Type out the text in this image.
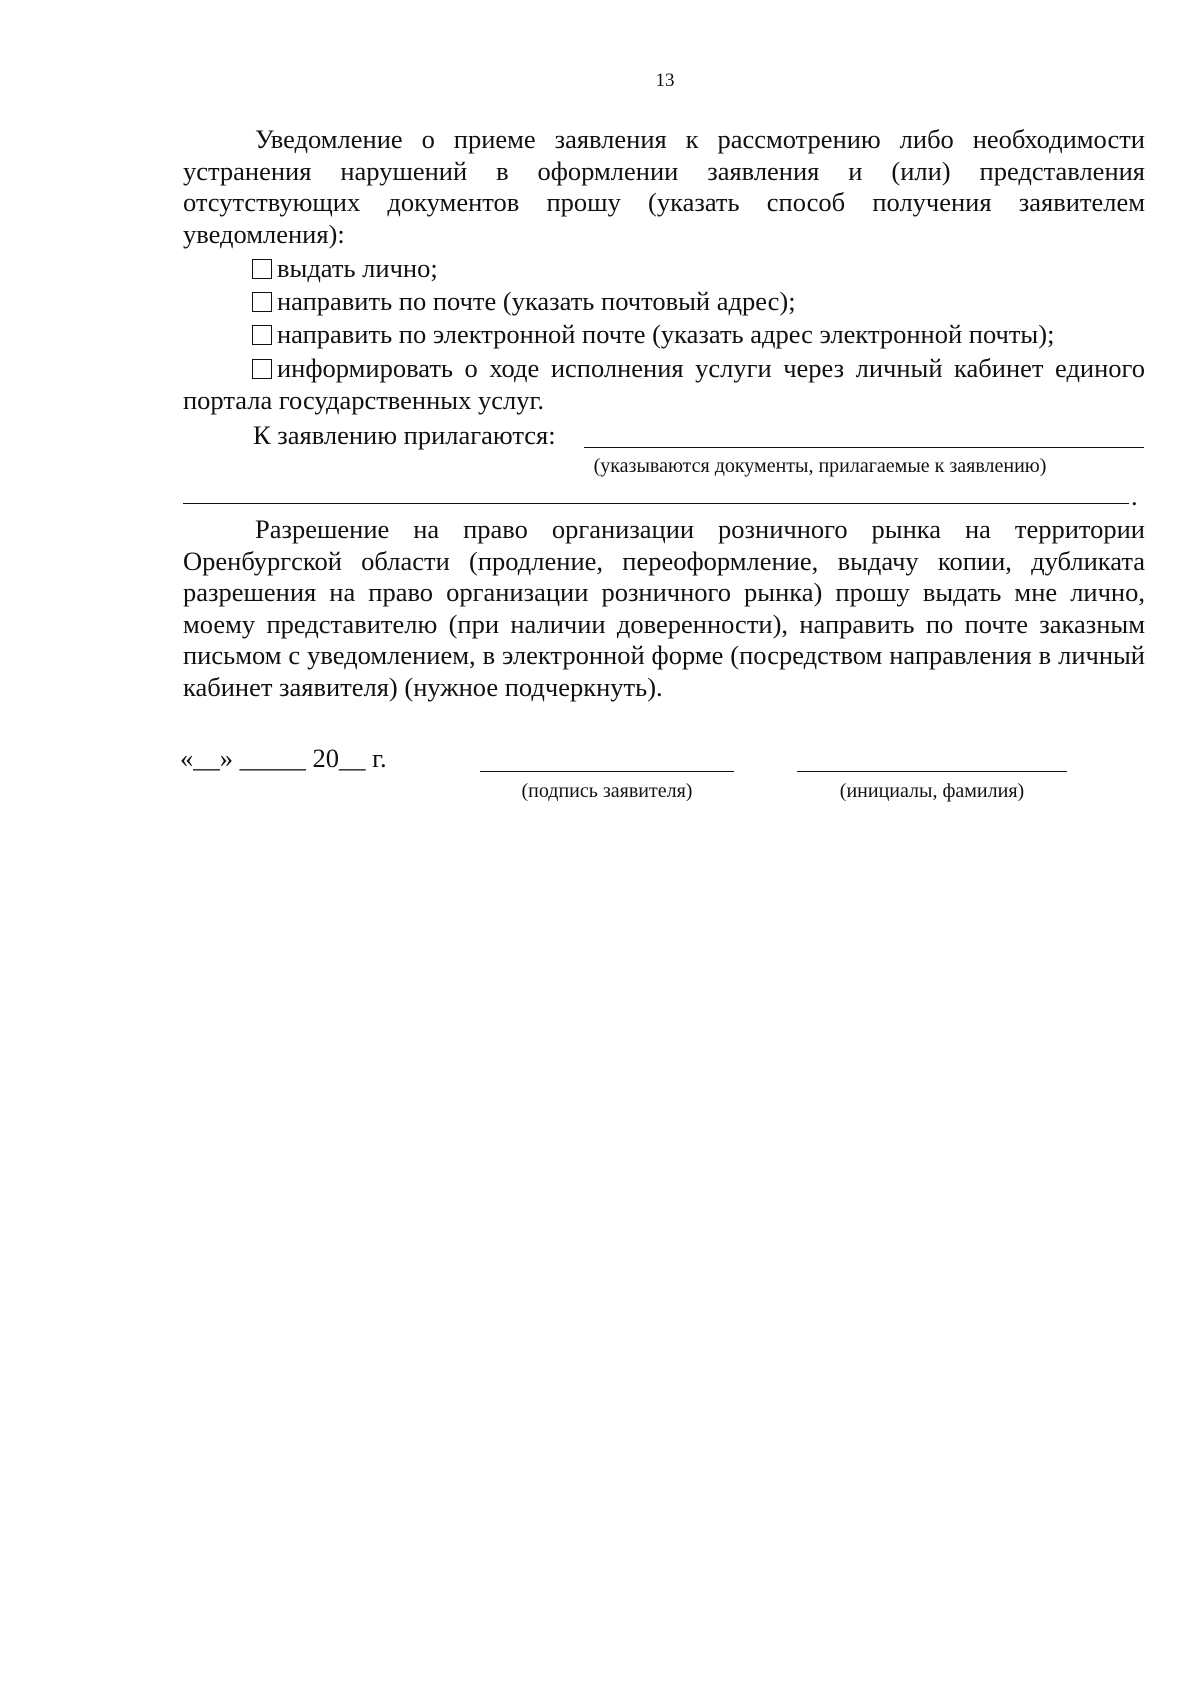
13
Уведомление о приеме заявления к рассмотрению либо необходимости устранения нарушений в оформлении заявления и (или) представления отсутствующих документов прошу (указать способ получения заявителем уведомления):
выдать лично;
направить по почте (указать почтовый адрес);
направить по электронной почте (указать адрес электронной почты);
информировать о ходе исполнения услуги через личный кабинет единого портала государственных услуг.
К заявлению прилагаются:
(указываются документы, прилагаемые к заявлению)
.
Разрешение на право организации розничного рынка на территории Оренбургской области (продление, переоформление, выдачу копии, дубликата разрешения на право организации розничного рынка) прошу выдать мне лично, моему представителю (при наличии доверенности), направить по почте заказным письмом с уведомлением, в электронной форме (посредством направления в личный кабинет заявителя) (нужное подчеркнуть).
«__» _____ 20__ г.
(подпись заявителя)	(инициалы, фамилия)
